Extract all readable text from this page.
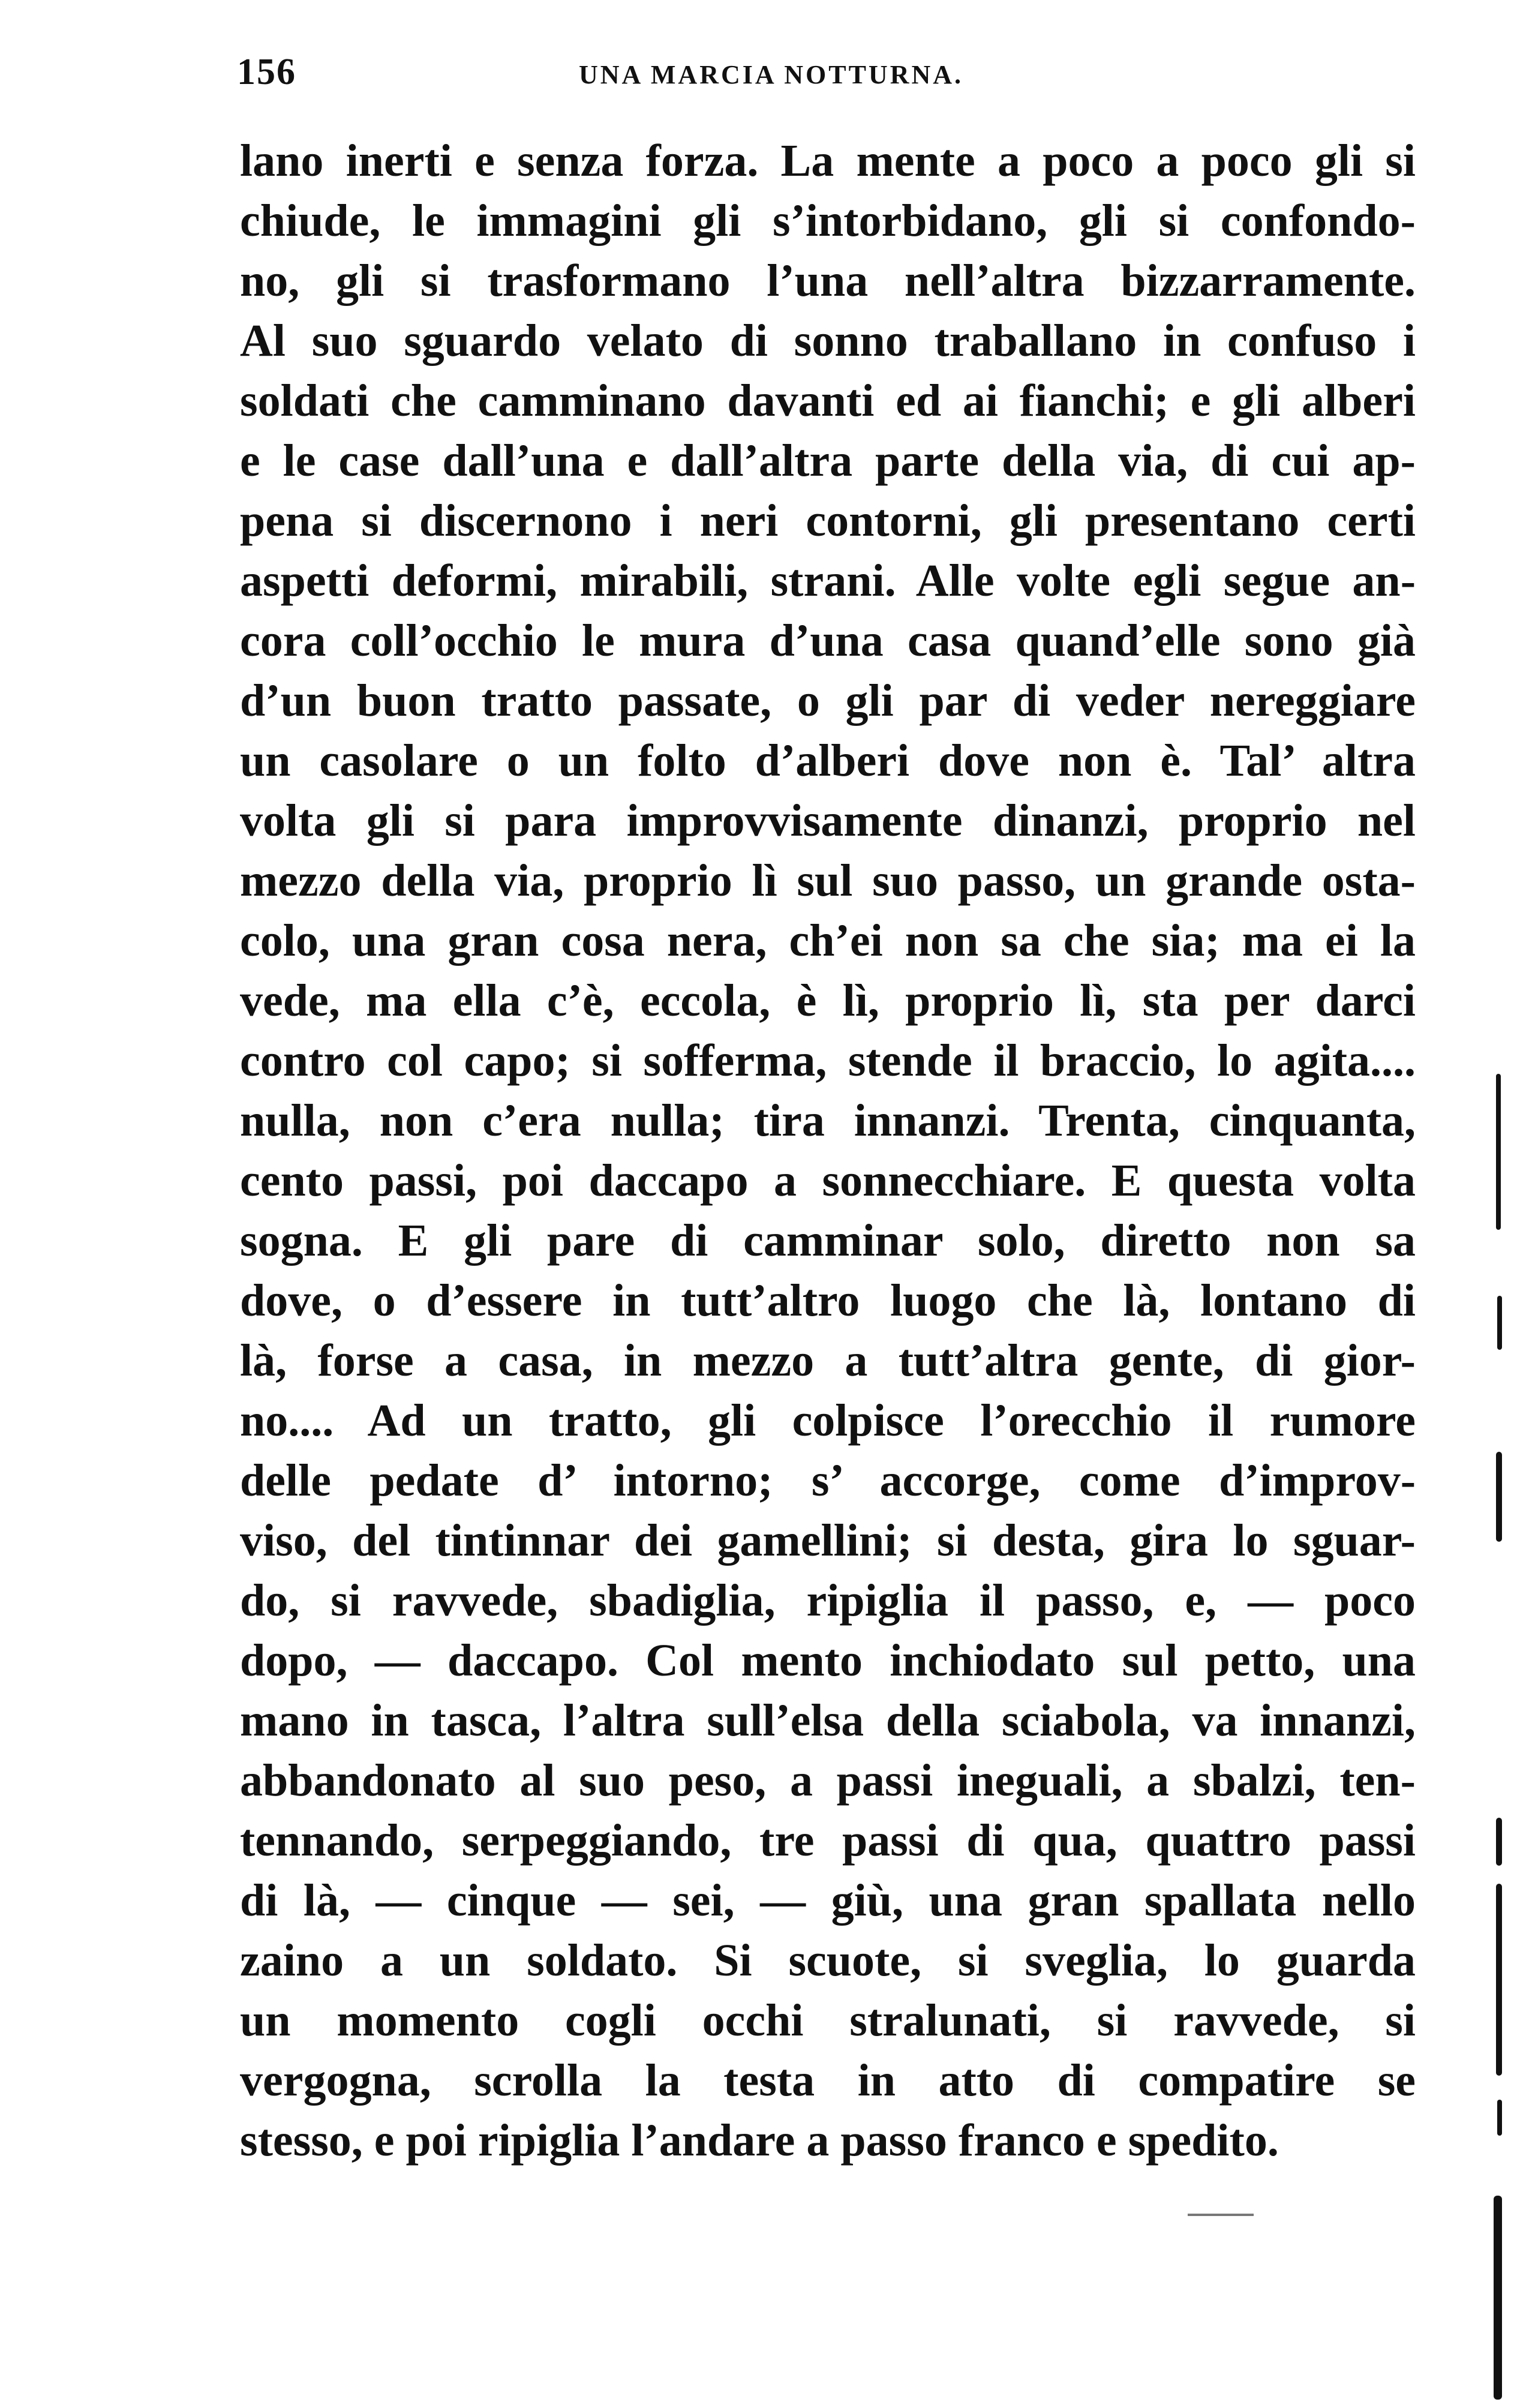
156	UNA MARCIA NOTTURNA.
lano inerti e senza forza. La mente a poco a poco gli si
chiude, le immagini gli s’intorbidano, gli si confondo-
no, gli si trasformano l’una nell’altra bizzarramente.
Al suo sguardo velato di sonno traballano in confuso i
soldati che camminano davanti ed ai fianchi; e gli alberi
e le case dall’una e dall’altra parte della via, di cui ap-
pena si discernono i neri contorni, gli presentano certi
aspetti deformi, mirabili, strani. Alle volte egli segue an-
cora coll’occhio le mura d’una casa quand’elle sono già
d’un buon tratto passate, o gli par di veder nereggiare
un casolare o un folto d’alberi dove non è. Tal’ altra
volta gli si para improvvisamente dinanzi, proprio nel
mezzo della via, proprio lì sul suo passo, un grande osta-
colo, una gran cosa nera, ch’ei non sa che sia; ma ei la
vede, ma ella c’è, eccola, è lì, proprio lì, sta per darci
contro col capo; si sofferma, stende il braccio, lo agita....
nulla, non c’era nulla; tira innanzi. Trenta, cinquanta,
cento passi, poi daccapo a sonnecchiare. E questa volta
sogna. E gli pare di camminar solo, diretto non sa
dove, o d’essere in tutt’altro luogo che là, lontano di
là, forse a casa, in mezzo a tutt’altra gente, di gior-
no.... Ad un tratto, gli colpisce l’orecchio il rumore
delle pedate d’ intorno; s’ accorge, come d’improv-
viso, del tintinnar dei gamellini; si desta, gira lo sguar-
do, si ravvede, sbadiglia, ripiglia il passo, e, — poco
dopo, — daccapo. Col mento inchiodato sul petto, una
mano in tasca, l’altra sull’elsa della sciabola, va innanzi,
abbandonato al suo peso, a passi ineguali, a sbalzi, ten-
tennando, serpeggiando, tre passi di qua, quattro passi
di là, — cinque — sei, — giù, una gran spallata nello
zaino a un soldato. Si scuote, si sveglia, lo guarda
un momento cogli occhi stralunati, si ravvede, si
vergogna, scrolla la testa in atto di compatire se
stesso, e poi ripiglia l’andare a passo franco e spedito.
